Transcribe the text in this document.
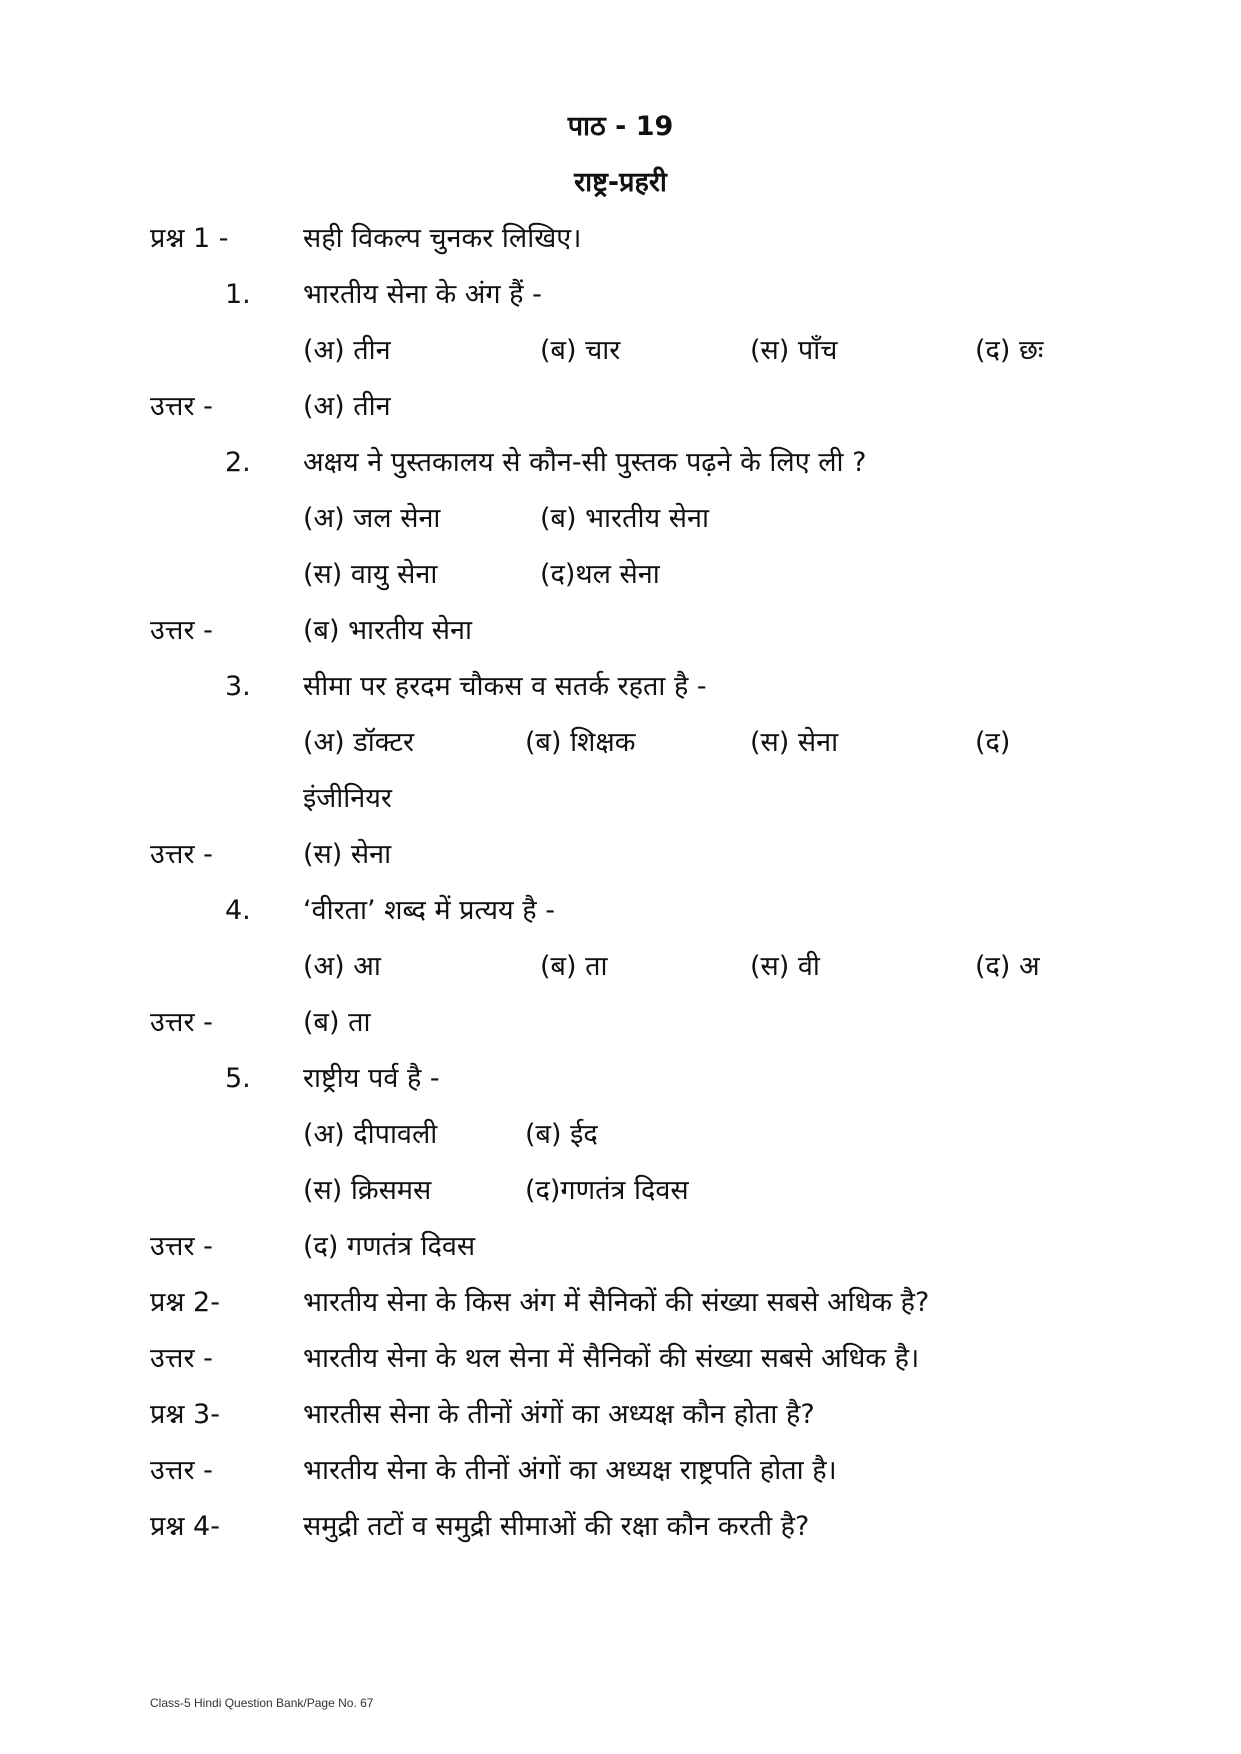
पाठ - 19
राष्ट्र-प्रहरी
प्रश्न 1 -	सही विकल्प चुनकर लिखिए।
1. भारतीय सेना के अंग हैं -
(अ) तीन	(ब) चार	(स) पाँच	(द) छः
उत्तर -	(अ) तीन
2. अक्षय ने पुस्तकालय से कौन-सी पुस्तक पढ़ने के लिए ली ?
(अ) जल सेना	(ब) भारतीय सेना
(स) वायु सेना	(द)थल सेना
उत्तर -	(ब) भारतीय सेना
3. सीमा पर हरदम चौकस व सतर्क रहता है -
(अ) डॉक्टर	(ब) शिक्षक	(स) सेना	(द)
इंजीनियर
उत्तर -	(स) सेना
4. ‘वीरता’ शब्द में प्रत्यय है -
(अ) आ	(ब) ता	(स) वी	(द) अ
उत्तर -	(ब) ता
5. राष्ट्रीय पर्व है -
(अ) दीपावली	(ब) ईद
(स) क्रिसमस	(द)गणतंत्र दिवस
उत्तर -	(द) गणतंत्र दिवस
प्रश्न 2-	भारतीय सेना के किस अंग में सैनिकों की संख्या सबसे अधिक है?
उत्तर -	भारतीय सेना के थल सेना में सैनिकों की संख्या सबसे अधिक है।
प्रश्न 3-	भारतीस सेना के तीनों अंगों का अध्यक्ष कौन होता है?
उत्तर -	भारतीय सेना के तीनों अंगों का अध्यक्ष राष्ट्रपति होता है।
प्रश्न 4-	समुद्री तटों व समुद्री सीमाओं की रक्षा कौन करती है?
Class-5 Hindi Question Bank/Page No. 67
